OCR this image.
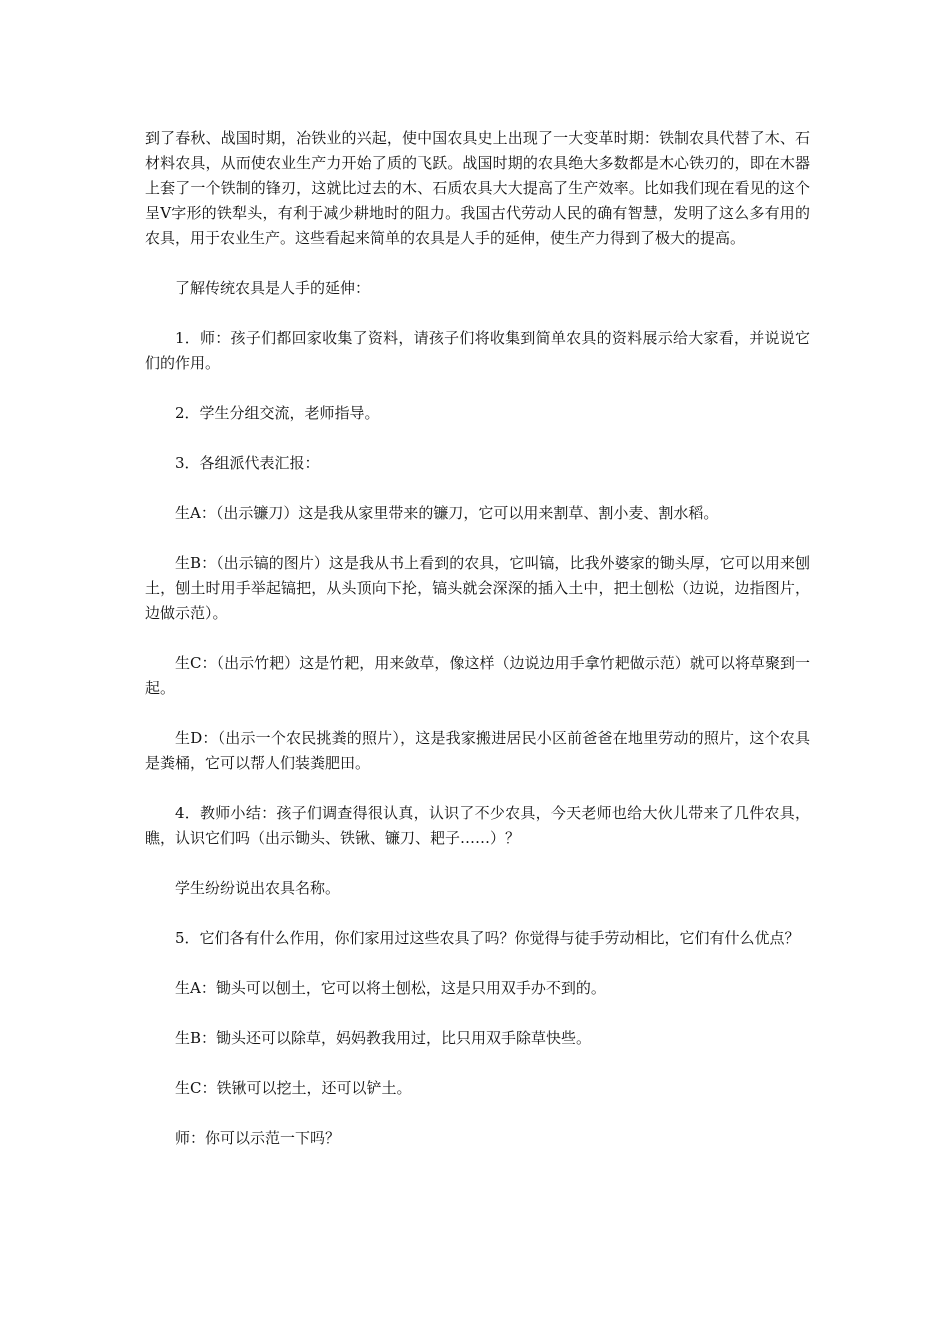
到了春秋、战国时期，冶铁业的兴起，使中国农具史上出现了一大变革时期：铁制农具代替了木、石材料农具，从而使农业生产力开始了质的飞跃。战国时期的农具绝大多数都是木心铁刃的，即在木器上套了一个铁制的锋刃，这就比过去的木、石质农具大大提高了生产效率。比如我们现在看见的这个呈V字形的铁犁头，有利于减少耕地时的阻力。我国古代劳动人民的确有智慧，发明了这么多有用的农具，用于农业生产。这些看起来简单的农具是人手的延伸，使生产力得到了极大的提高。

了解传统农具是人手的延伸：

1．师：孩子们都回家收集了资料，请孩子们将收集到简单农具的资料展示给大家看，并说说它们的作用。

2．学生分组交流，老师指导。

3．各组派代表汇报：

生A：（出示镰刀）这是我从家里带来的镰刀，它可以用来割草、割小麦、割水稻。

生B：（出示镐的图片）这是我从书上看到的农具，它叫镐，比我外婆家的锄头厚，它可以用来刨土，刨土时用手举起镐把，从头顶向下抡，镐头就会深深的插入土中，把土刨松（边说，边指图片，边做示范）。

生C：（出示竹耙）这是竹耙，用来敛草，像这样（边说边用手拿竹耙做示范）就可以将草聚到一起。

生D：（出示一个农民挑粪的照片），这是我家搬进居民小区前爸爸在地里劳动的照片，这个农具是粪桶，它可以帮人们装粪肥田。

4．教师小结：孩子们调查得很认真，认识了不少农具，今天老师也给大伙儿带来了几件农具，瞧，认识它们吗（出示锄头、铁锹、镰刀、耙子……）？

学生纷纷说出农具名称。

5．它们各有什么作用，你们家用过这些农具了吗？你觉得与徒手劳动相比，它们有什么优点？

生A：锄头可以刨土，它可以将土刨松，这是只用双手办不到的。

生B：锄头还可以除草，妈妈教我用过，比只用双手除草快些。

生C：铁锹可以挖土，还可以铲土。

师：你可以示范一下吗？
